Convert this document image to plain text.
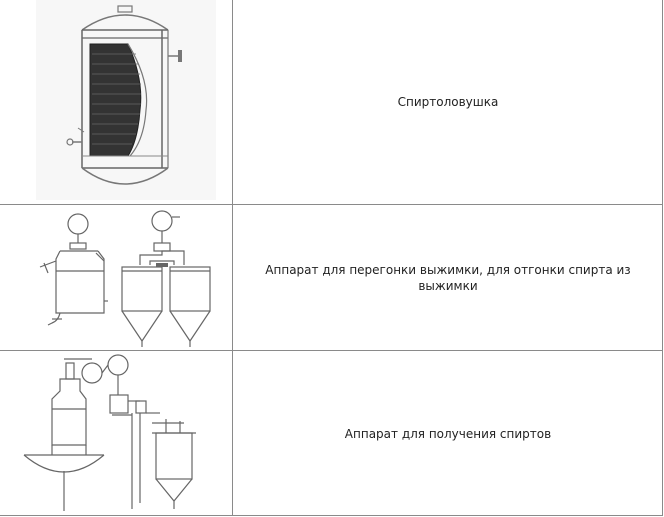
Спиртоловушка
Аппарат для перегонки выжимки, для отгонки спирта из выжимки
Аппарат для получения спиртов
